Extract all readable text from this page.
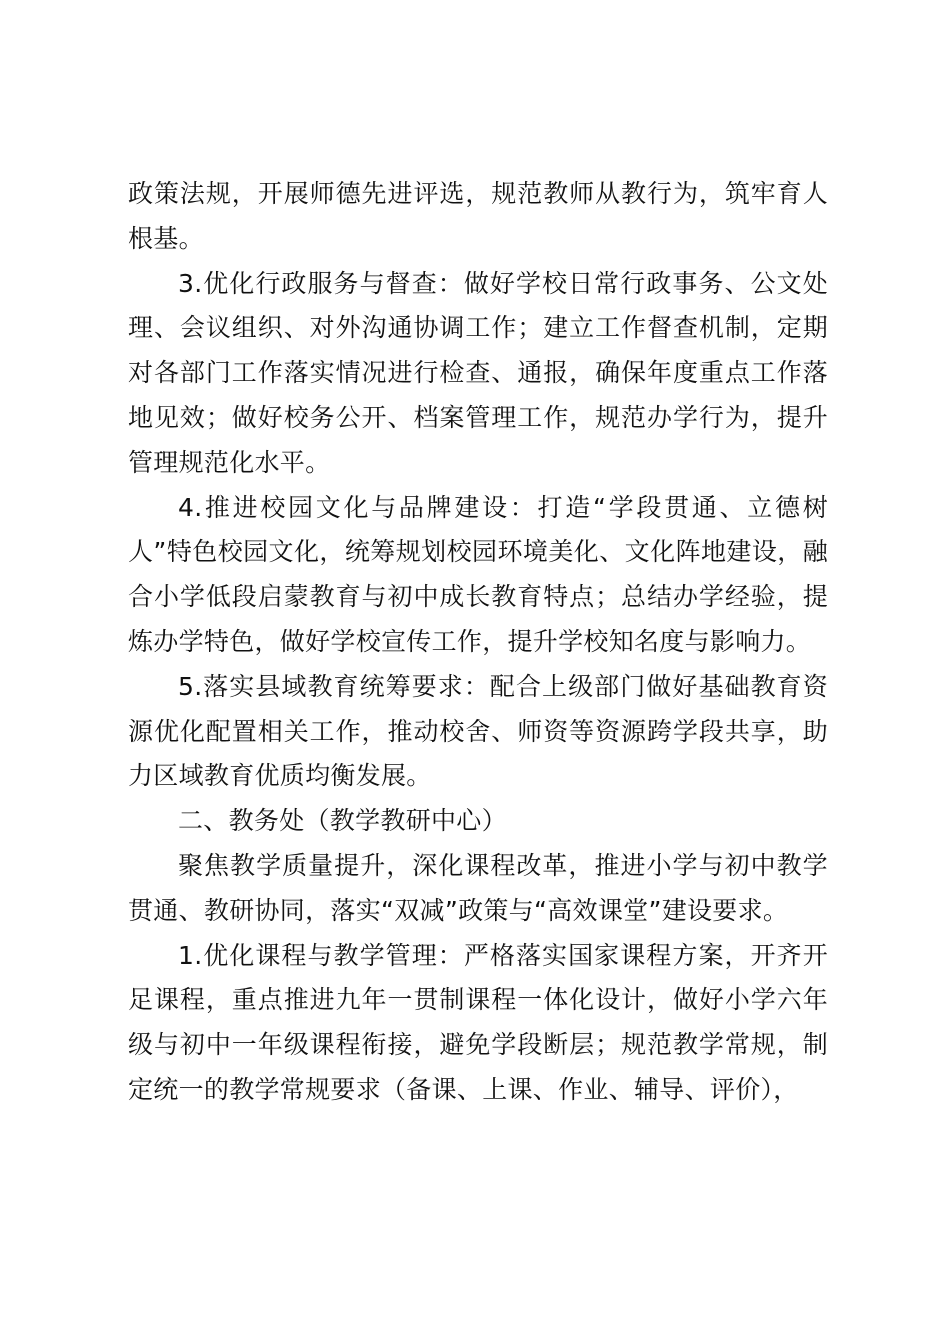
政策法规，开展师德先进评选，规范教师从教行为，筑牢育人根基。

3.优化行政服务与督查：做好学校日常行政事务、公文处理、会议组织、对外沟通协调工作；建立工作督查机制，定期对各部门工作落实情况进行检查、通报，确保年度重点工作落地见效；做好校务公开、档案管理工作，规范办学行为，提升管理规范化水平。

4.推进校园文化与品牌建设：打造“学段贯通、立德树人”特色校园文化，统筹规划校园环境美化、文化阵地建设，融合小学低段启蒙教育与初中成长教育特点；总结办学经验，提炼办学特色，做好学校宣传工作，提升学校知名度与影响力。

5.落实县域教育统筹要求：配合上级部门做好基础教育资源优化配置相关工作，推动校舍、师资等资源跨学段共享，助力区域教育优质均衡发展。

二、教务处（教学教研中心）

聚焦教学质量提升，深化课程改革，推进小学与初中教学贯通、教研协同，落实“双减”政策与“高效课堂”建设要求。

1.优化课程与教学管理：严格落实国家课程方案，开齐开足课程，重点推进九年一贯制课程一体化设计，做好小学六年级与初中一年级课程衔接，避免学段断层；规范教学常规，制定统一的教学常规要求（备课、上课、作业、辅导、评价），
